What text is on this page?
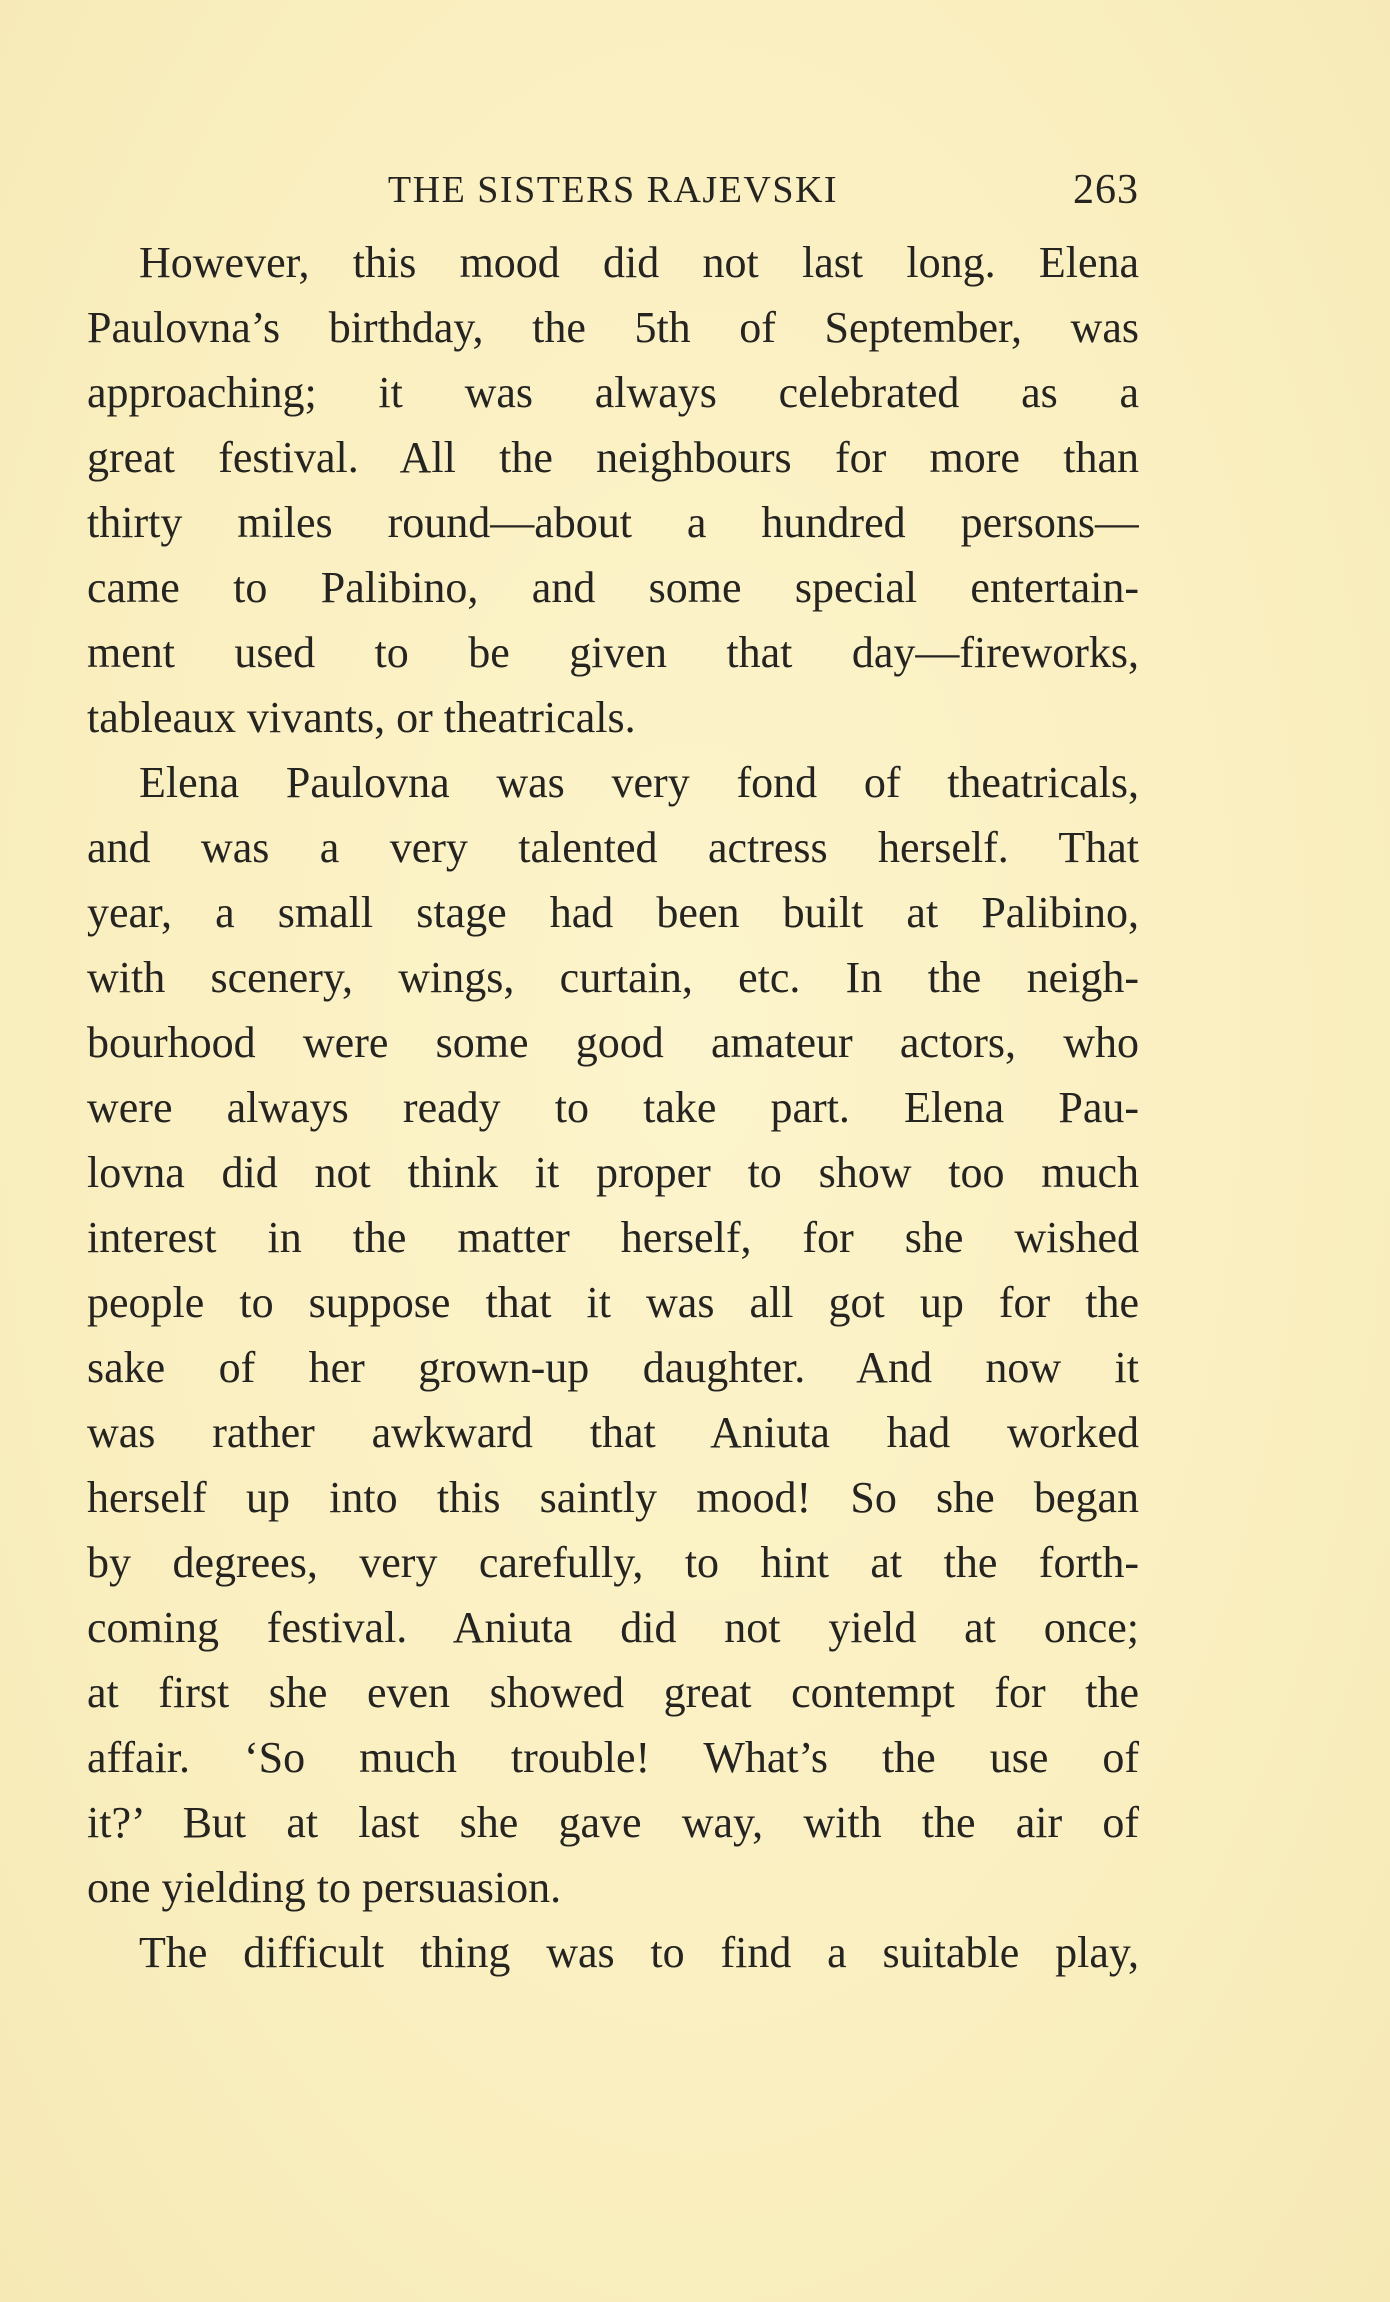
THE SISTERS RAJEVSKI	263
However, this mood did not last long. Elena
Paulovna’s birthday, the 5th of September, was
approaching; it was always celebrated as a
great festival. All the neighbours for more than
thirty miles round—about a hundred persons—
came to Palibino, and some special entertain-
ment used to be given that day—fireworks,
tableaux vivants, or theatricals.
Elena Paulovna was very fond of theatricals,
and was a very talented actress herself. That
year, a small stage had been built at Palibino,
with scenery, wings, curtain, etc. In the neigh-
bourhood were some good amateur actors, who
were always ready to take part. Elena Pau-
lovna did not think it proper to show too much
interest in the matter herself, for she wished
people to suppose that it was all got up for the
sake of her grown-up daughter. And now it
was rather awkward that Aniuta had worked
herself up into this saintly mood! So she began
by degrees, very carefully, to hint at the forth-
coming festival. Aniuta did not yield at once;
at first she even showed great contempt for the
affair. ‘So much trouble! What’s the use of
it?’ But at last she gave way, with the air of
one yielding to persuasion.
The difficult thing was to find a suitable play,
